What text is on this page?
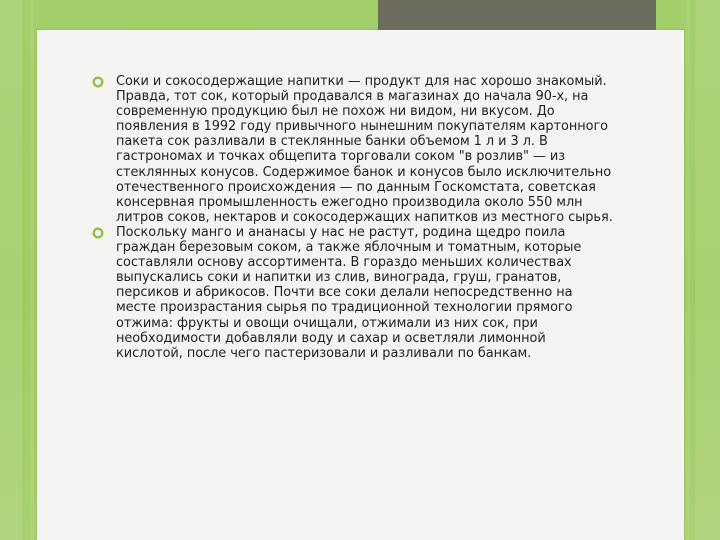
Соки и сокосодержащие напитки — продукт для нас хорошо знакомый. Правда, тот сок, который продавался в магазинах до начала 90-х, на современную продукцию был не похож ни видом, ни вкусом. До появления в 1992 году привычного нынешним покупателям картонного пакета сок разливали в стеклянные банки объемом 1 л и 3 л. В гастрономах и точках общепита торговали соком "в розлив" — из стеклянных конусов. Содержимое банок и конусов было исключительно отечественного происхождения — по данным Госкомстата, советская консервная промышленность ежегодно производила около 550 млн литров соков, нектаров и сокосодержащих напитков из местного сырья.

Поскольку манго и ананасы у нас не растут, родина щедро поила граждан березовым соком, а также яблочным и томатным, которые составляли основу ассортимента. В гораздо меньших количествах выпускались соки и напитки из слив, винограда, груш, гранатов, персиков и абрикосов. Почти все соки делали непосредственно на месте произрастания сырья по традиционной технологии прямого отжима: фрукты и овощи очищали, отжимали из них сок, при необходимости добавляли воду и сахар и осветляли лимонной кислотой, после чего пастеризовали и разливали по банкам.
